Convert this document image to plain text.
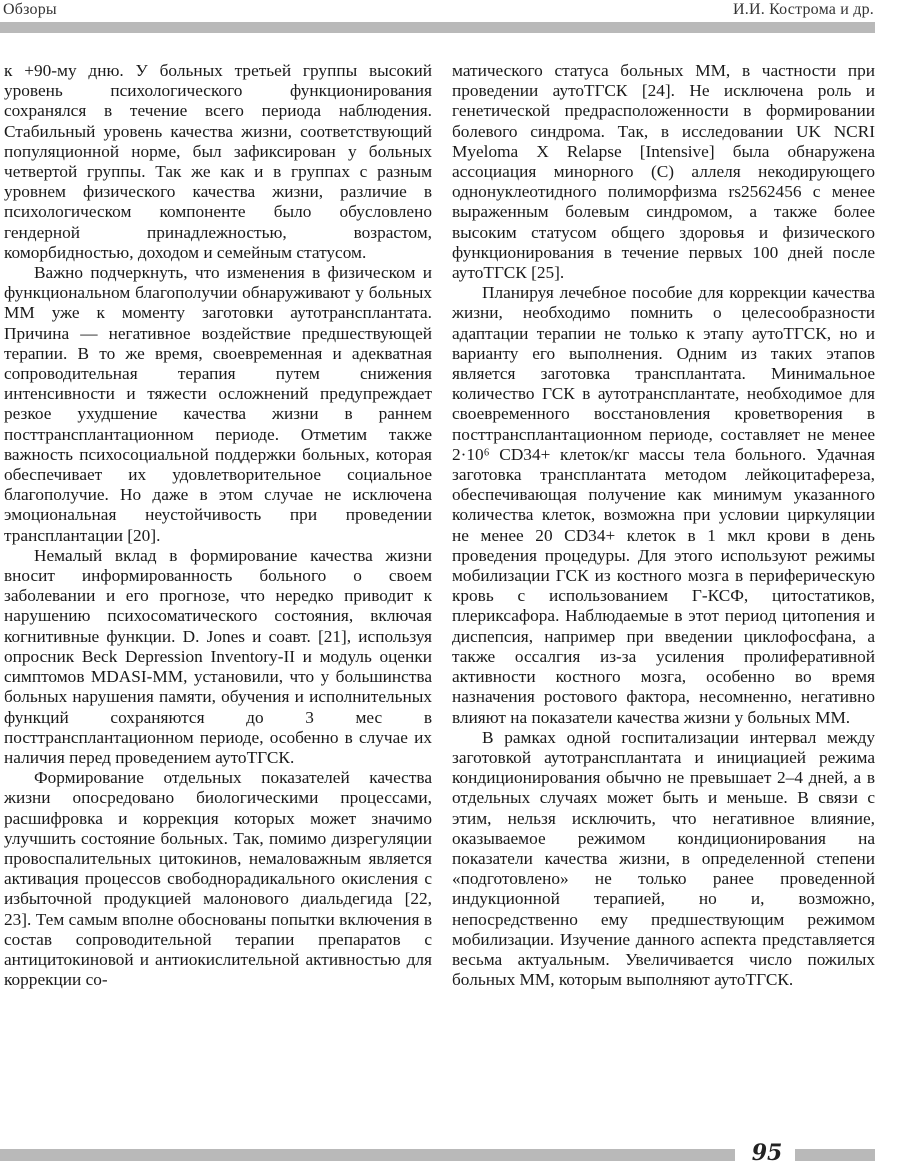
Обзоры	И.И. Кострома и др.

к +90-му дню. У больных третьей группы высокий уровень психологического функционирования сохранялся в течение всего периода наблюдения. Стабильный уровень качества жизни, соответствующий популяционной норме, был зафиксирован у больных четвертой группы. Так же как и в группах с разным уровнем физического качества жизни, различие в психологическом компоненте было обусловлено гендерной принадлежностью, возрастом, коморбидностью, доходом и семейным статусом.

Важно подчеркнуть, что изменения в физическом и функциональном благополучии обнаруживают у больных ММ уже к моменту заготовки аутотрансплантата. Причина — негативное воздействие предшествующей терапии. В то же время, своевременная и адекватная сопроводительная терапия путем снижения интенсивности и тяжести осложнений предупреждает резкое ухудшение качества жизни в раннем посттрансплантационном периоде. Отметим также важность психосоциальной поддержки больных, которая обеспечивает их удовлетворительное социальное благополучие. Но даже в этом случае не исключена эмоциональная неустойчивость при проведении трансплантации [20].

Немалый вклад в формирование качества жизни вносит информированность больного о своем заболевании и его прогнозе, что нередко приводит к нарушению психосоматического состояния, включая когнитивные функции. D. Jones и соавт. [21], используя опросник Beck Depression Inventory-II и модуль оценки симптомов MDASI-MM, установили, что у большинства больных нарушения памяти, обучения и исполнительных функций сохраняются до 3 мес в посттрансплантационном периоде, особенно в случае их наличия перед проведением аутоТГСК.

Формирование отдельных показателей качества жизни опосредовано биологическими процессами, расшифровка и коррекция которых может значимо улучшить состояние больных. Так, помимо дизрегуляции провоспалительных цитокинов, немаловажным является активация процессов свободнорадикального окисления с избыточной продукцией малонового диальдегида [22, 23]. Тем самым вполне обоснованы попытки включения в состав сопроводительной терапии препаратов с антицитокиновой и антиокислительной активностью для коррекции со-

матического статуса больных ММ, в частности при проведении аутоТГСК [24]. Не исключена роль и генетической предрасположенности в формировании болевого синдрома. Так, в исследовании UK NCRI Myeloma X Relapse [Intensive] была обнаружена ассоциация минорного (C) аллеля некодирующего однонуклеотидного полиморфизма rs2562456 с менее выраженным болевым синдромом, а также более высоким статусом общего здоровья и физического функционирования в течение первых 100 дней после аутоТГСК [25].

Планируя лечебное пособие для коррекции качества жизни, необходимо помнить о целесообразности адаптации терапии не только к этапу аутоТГСК, но и варианту его выполнения. Одним из таких этапов является заготовка трансплантата. Минимальное количество ГСК в аутотрансплантате, необходимое для своевременного восстановления кроветворения в посттрансплантационном периоде, составляет не менее 2·10⁶ CD34+ клеток/кг массы тела больного. Удачная заготовка трансплантата методом лейкоцитафереза, обеспечивающая получение как минимум указанного количества клеток, возможна при условии циркуляции не менее 20 CD34+ клеток в 1 мкл крови в день проведения процедуры. Для этого используют режимы мобилизации ГСК из костного мозга в периферическую кровь с использованием Г-КСФ, цитостатиков, плериксафора. Наблюдаемые в этот период цитопения и диспепсия, например при введении циклофосфана, а также оссалгия из-за усиления пролиферативной активности костного мозга, особенно во время назначения ростового фактора, несомненно, негативно влияют на показатели качества жизни у больных ММ.

В рамках одной госпитализации интервал между заготовкой аутотрансплантата и инициацией режима кондиционирования обычно не превышает 2–4 дней, а в отдельных случаях может быть и меньше. В связи с этим, нельзя исключить, что негативное влияние, оказываемое режимом кондиционирования на показатели качества жизни, в определенной степени «подготовлено» не только ранее проведенной индукционной терапией, но и, возможно, непосредственно ему предшествующим режимом мобилизации. Изучение данного аспекта представляется весьма актуальным. Увеличивается число пожилых больных ММ, которым выполняют аутоТГСК.

95
